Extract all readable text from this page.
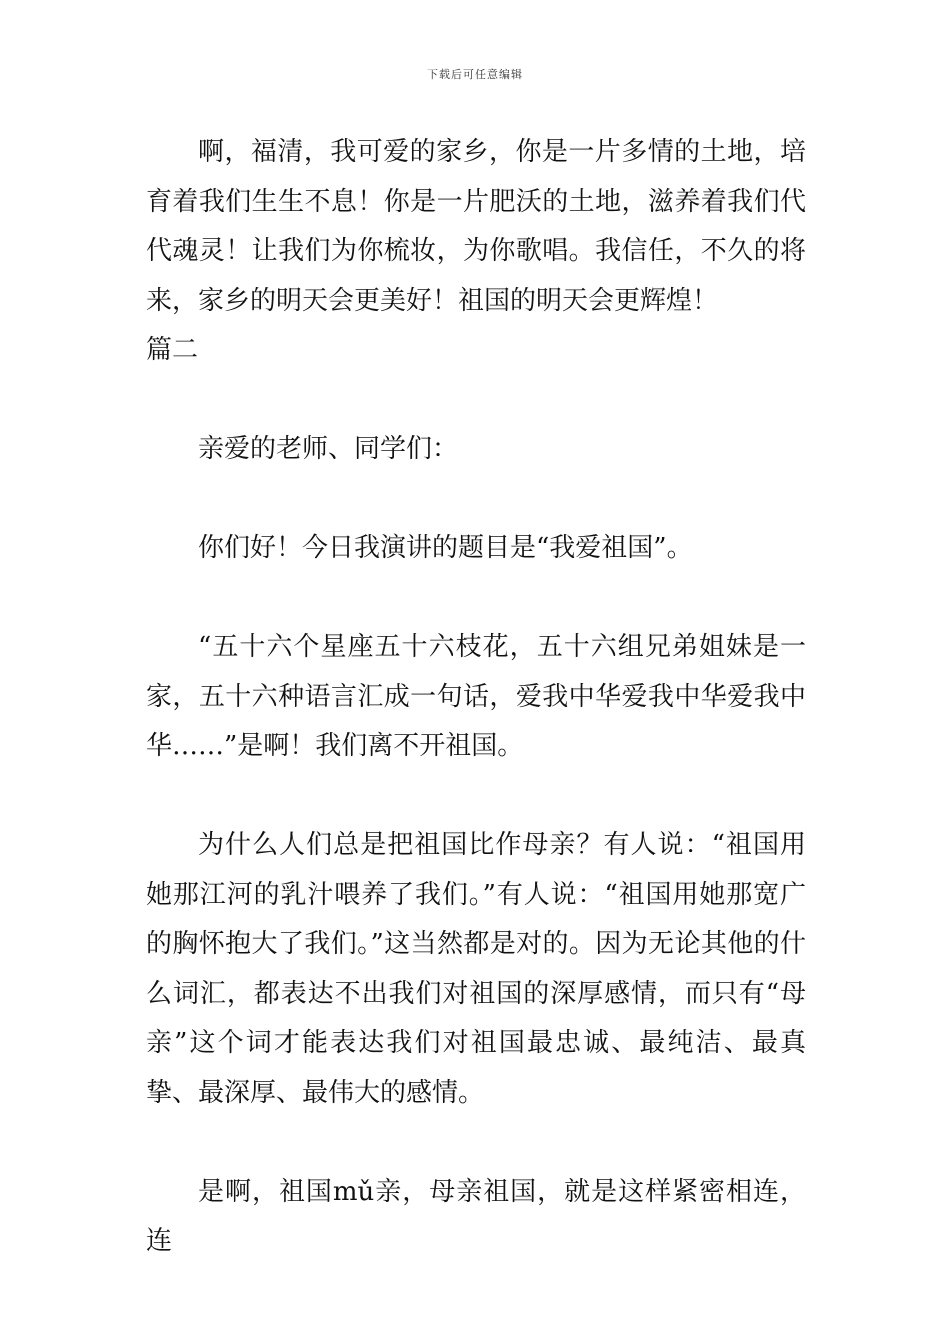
下载后可任意编辑

啊，福清，我可爱的家乡，你是一片多情的土地，培育着我们生生不息！你是一片肥沃的土地，滋养着我们代代魂灵！让我们为你梳妆，为你歌唱。我信任，不久的将来，家乡的明天会更美好！祖国的明天会更辉煌！

篇二

亲爱的老师、同学们：

你们好！今日我演讲的题目是“我爱祖国”。

“五十六个星座五十六枝花，五十六组兄弟姐妹是一家，五十六种语言汇成一句话，爱我中华爱我中华爱我中华……”是啊！我们离不开祖国。

为什么人们总是把祖国比作母亲？有人说：“祖国用她那江河的乳汁喂养了我们。”有人说：“祖国用她那宽广的胸怀抱大了我们。”这当然都是对的。因为无论其他的什么词汇，都表达不出我们对祖国的深厚感情，而只有“母亲”这个词才能表达我们对祖国最忠诚、最纯洁、最真挚、最深厚、最伟大的感情。

是啊，祖国mǔ亲，母亲祖国，就是这样紧密相连，连
